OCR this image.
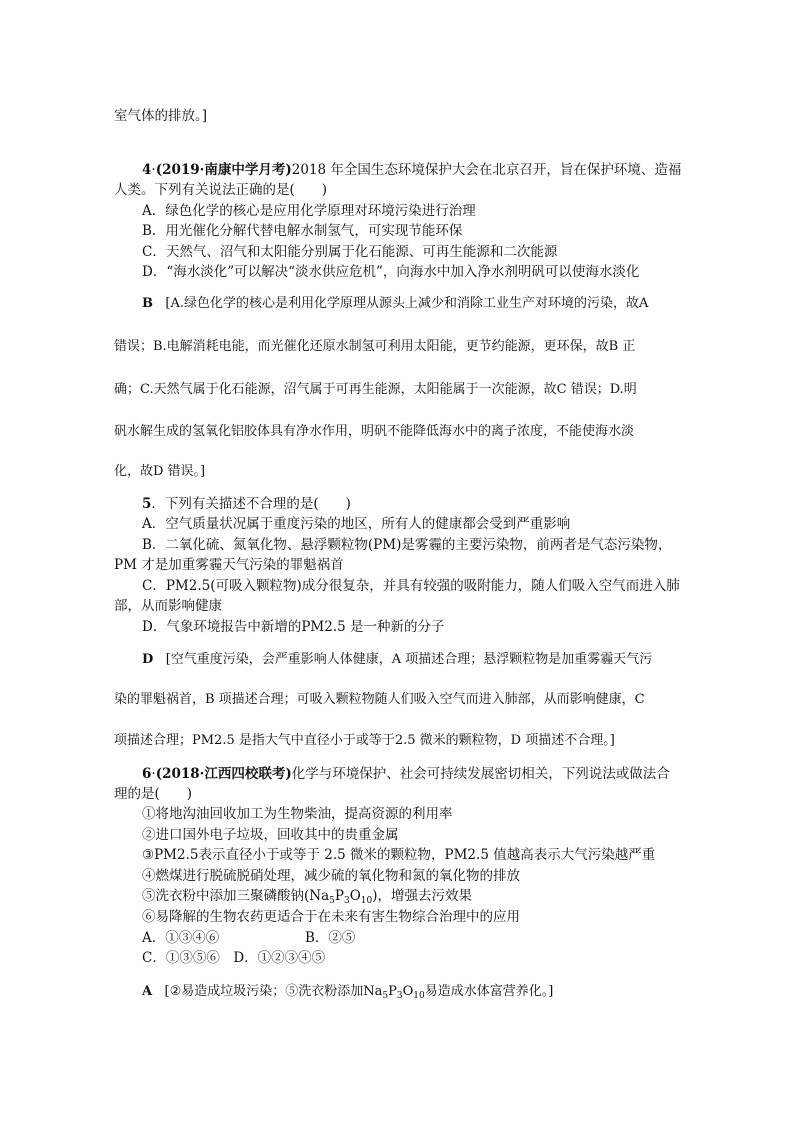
室气体的排放。]
4·(2019·南康中学月考)2018 年全国生态环境保护大会在北京召开，旨在保护环境、造福
人类。下列有关说法正确的是(　　)
A．绿色化学的核心是应用化学原理对环境污染进行治理
B．用光催化分解代替电解水制氢气，可实现节能环保
C．天然气、沼气和太阳能分别属于化石能源、可再生能源和二次能源
D．“海水淡化”可以解决“淡水供应危机”，向海水中加入净水剂明矾可以使海水淡化
B [A.绿色化学的核心是利用化学原理从源头上减少和消除工业生产对环境的污染，故A
错误；B.电解消耗电能，而光催化还原水制氢可利用太阳能，更节约能源，更环保，故B 正
确；C.天然气属于化石能源，沼气属于可再生能源，太阳能属于一次能源，故C 错误；D.明
矾水解生成的氢氧化铝胶体具有净水作用，明矾不能降低海水中的离子浓度，不能使海水淡
化，故D 错误。]
5．下列有关描述不合理的是(　　)
A．空气质量状况属于重度污染的地区，所有人的健康都会受到严重影响
B．二氧化硫、氮氧化物、悬浮颗粒物(PM)是雾霾的主要污染物，前两者是气态污染物，
PM 才是加重雾霾天气污染的罪魁祸首
C．PM2.5(可吸入颗粒物)成分很复杂，并具有较强的吸附能力，随人们吸入空气而进入肺
部，从而影响健康
D．气象环境报告中新增的PM2.5 是一种新的分子
D [空气重度污染，会严重影响人体健康，A 项描述合理；悬浮颗粒物是加重雾霾天气污
染的罪魁祸首，B 项描述合理；可吸入颗粒物随人们吸入空气而进入肺部，从而影响健康，C
项描述合理；PM2.5 是指大气中直径小于或等于2.5 微米的颗粒物，D 项描述不合理。]
6·(2018·江西四校联考)化学与环境保护、社会可持续发展密切相关，下列说法或做法合
理的是(　　)
①将地沟油回收加工为生物柴油，提高资源的利用率
②进口国外电子垃圾，回收其中的贵重金属
③PM2.5表示直径小于或等于 2.5 微米的颗粒物，PM2.5 值越高表示大气污染越严重
④燃煤进行脱硫脱硝处理，减少硫的氧化物和氮的氧化物的排放
⑤洗衣粉中添加三聚磷酸钠$(Na_5P_3O_{10})$，增强去污效果
⑥易降解的生物农药更适合于在未来有害生物综合治理中的应用
A．①③④⑥	B．②⑤
C．①③⑤⑥　D．①②③④⑤
A [②易造成垃圾污染；⑤洗衣粉添加$Na_5P_3O_{10}$易造成水体富营养化。]
